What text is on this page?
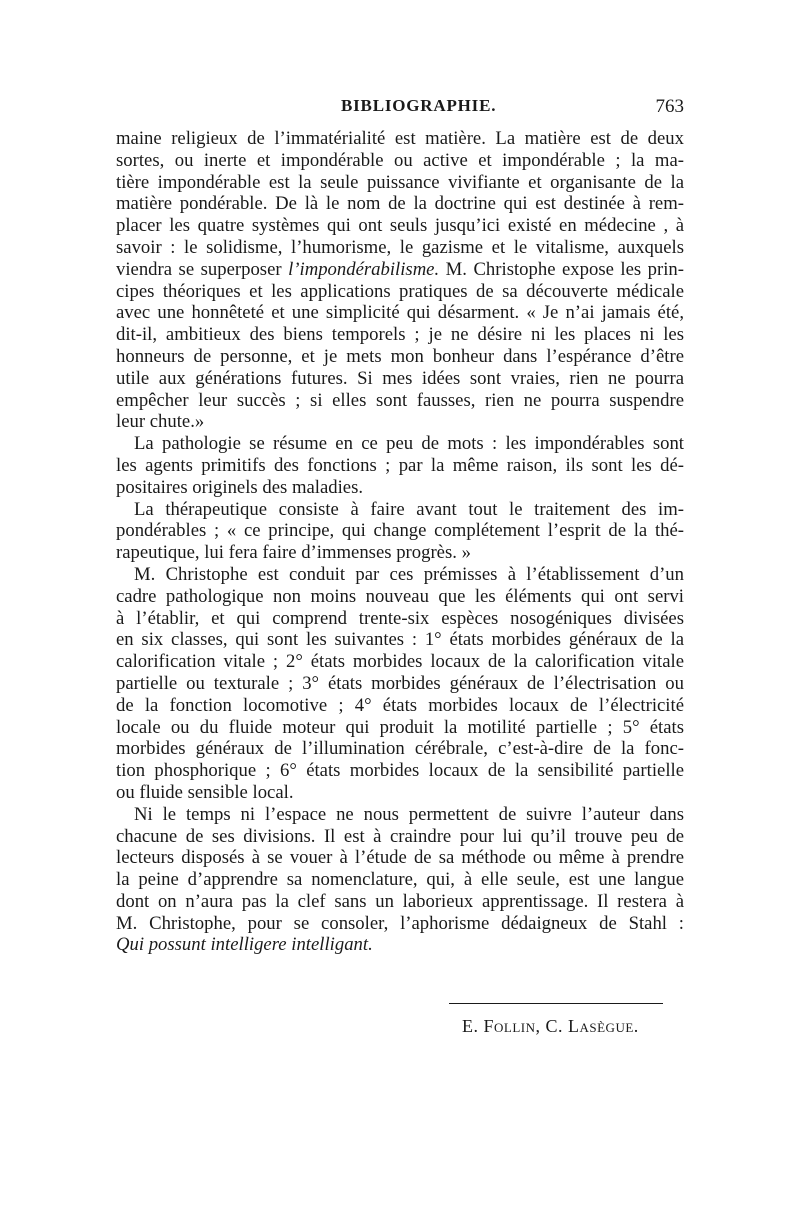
BIBLIOGRAPHIE.	763
maine religieux de l’immatérialité est matière. La matière est de deux
sortes, ou inerte et impondérable ou active et impondérable ; la ma-
tière impondérable est la seule puissance vivifiante et organisante de la
matière pondérable. De là le nom de la doctrine qui est destinée à rem-
placer les quatre systèmes qui ont seuls jusqu’ici existé en médecine , à
savoir : le solidisme, l’humorisme, le gazisme et le vitalisme, auxquels
viendra se superposer l’impondérabilisme. M. Christophe expose les prin-
cipes théoriques et les applications pratiques de sa découverte médicale
avec une honnêteté et une simplicité qui désarment. « Je n’ai jamais été,
dit-il, ambitieux des biens temporels ; je ne désire ni les places ni les
honneurs de personne, et je mets mon bonheur dans l’espérance d’être
utile aux générations futures. Si mes idées sont vraies, rien ne pourra
empêcher leur succès ; si elles sont fausses, rien ne pourra suspendre
leur chute.»
La pathologie se résume en ce peu de mots : les impondérables sont
les agents primitifs des fonctions ; par la même raison, ils sont les dé-
positaires originels des maladies.
La thérapeutique consiste à faire avant tout le traitement des im-
pondérables ; « ce principe, qui change complétement l’esprit de la thé-
rapeutique, lui fera faire d’immenses progrès. »
M. Christophe est conduit par ces prémisses à l’établissement d’un
cadre pathologique non moins nouveau que les éléments qui ont servi
à l’établir, et qui comprend trente-six espèces nosogéniques divisées
en six classes, qui sont les suivantes : 1° états morbides généraux de la
calorification vitale ; 2° états morbides locaux de la calorification vitale
partielle ou texturale ; 3° états morbides généraux de l’électrisation ou
de la fonction locomotive ; 4° états morbides locaux de l’électricité
locale ou du fluide moteur qui produit la motilité partielle ; 5° états
morbides généraux de l’illumination cérébrale, c’est-à-dire de la fonc-
tion phosphorique ; 6° états morbides locaux de la sensibilité partielle
ou fluide sensible local.
Ni le temps ni l’espace ne nous permettent de suivre l’auteur dans
chacune de ses divisions. Il est à craindre pour lui qu’il trouve peu de
lecteurs disposés à se vouer à l’étude de sa méthode ou même à prendre
la peine d’apprendre sa nomenclature, qui, à elle seule, est une langue
dont on n’aura pas la clef sans un laborieux apprentissage. Il restera à
M. Christophe, pour se consoler, l’aphorisme dédaigneux de Stahl :
Qui possunt intelligere intelligant.
E. Follin, C. Lasègue.
